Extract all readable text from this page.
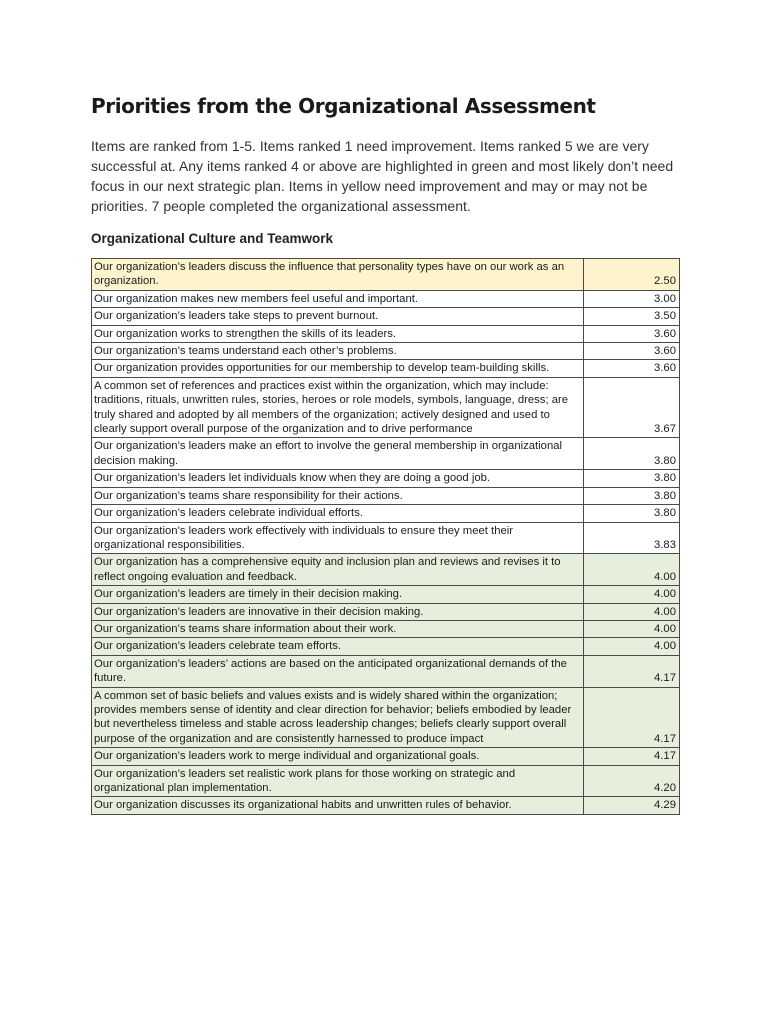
Priorities from the Organizational Assessment

Items are ranked from 1-5. Items ranked 1 need improvement. Items ranked 5 we are very successful at. Any items ranked 4 or above are highlighted in green and most likely don’t need focus in our next strategic plan. Items in yellow need improvement and may or may not be priorities. 7 people completed the organizational assessment.

Organizational Culture and Teamwork
Our organization’s leaders discuss the influence that personality types have on our work as an organization.	2.50
Our organization makes new members feel useful and important.	3.00
Our organization’s leaders take steps to prevent burnout.	3.50
Our organization works to strengthen the skills of its leaders.	3.60
Our organization’s teams understand each other’s problems.	3.60
Our organization provides opportunities for our membership to develop team-building skills.	3.60
A common set of references and practices exist within the organization, which may include: traditions, rituals, unwritten rules, stories, heroes or role models, symbols, language, dress; are truly shared and adopted by all members of the organization; actively designed and used to clearly support overall purpose of the organization and to drive performance	3.67
Our organization’s leaders make an effort to involve the general membership in organizational decision making.	3.80
Our organization’s leaders let individuals know when they are doing a good job.	3.80
Our organization’s teams share responsibility for their actions.	3.80
Our organization’s leaders celebrate individual efforts.	3.80
Our organization’s leaders work effectively with individuals to ensure they meet their organizational responsibilities.	3.83
Our organization has a comprehensive equity and inclusion plan and reviews and revises it to reflect ongoing evaluation and feedback.	4.00
Our organization’s leaders are timely in their decision making.	4.00
Our organization’s leaders are innovative in their decision making.	4.00
Our organization’s teams share information about their work.	4.00
Our organization’s leaders celebrate team efforts.	4.00
Our organization’s leaders’ actions are based on the anticipated organizational demands of the future.	4.17
A common set of basic beliefs and values exists and is widely shared within the organization; provides members sense of identity and clear direction for behavior; beliefs embodied by leader but nevertheless timeless and stable across leadership changes; beliefs clearly support overall purpose of the organization and are consistently harnessed to produce impact	4.17
Our organization’s leaders work to merge individual and organizational goals.	4.17
Our organization’s leaders set realistic work plans for those working on strategic and organizational plan implementation.	4.20
Our organization discusses its organizational habits and unwritten rules of behavior.	4.29
